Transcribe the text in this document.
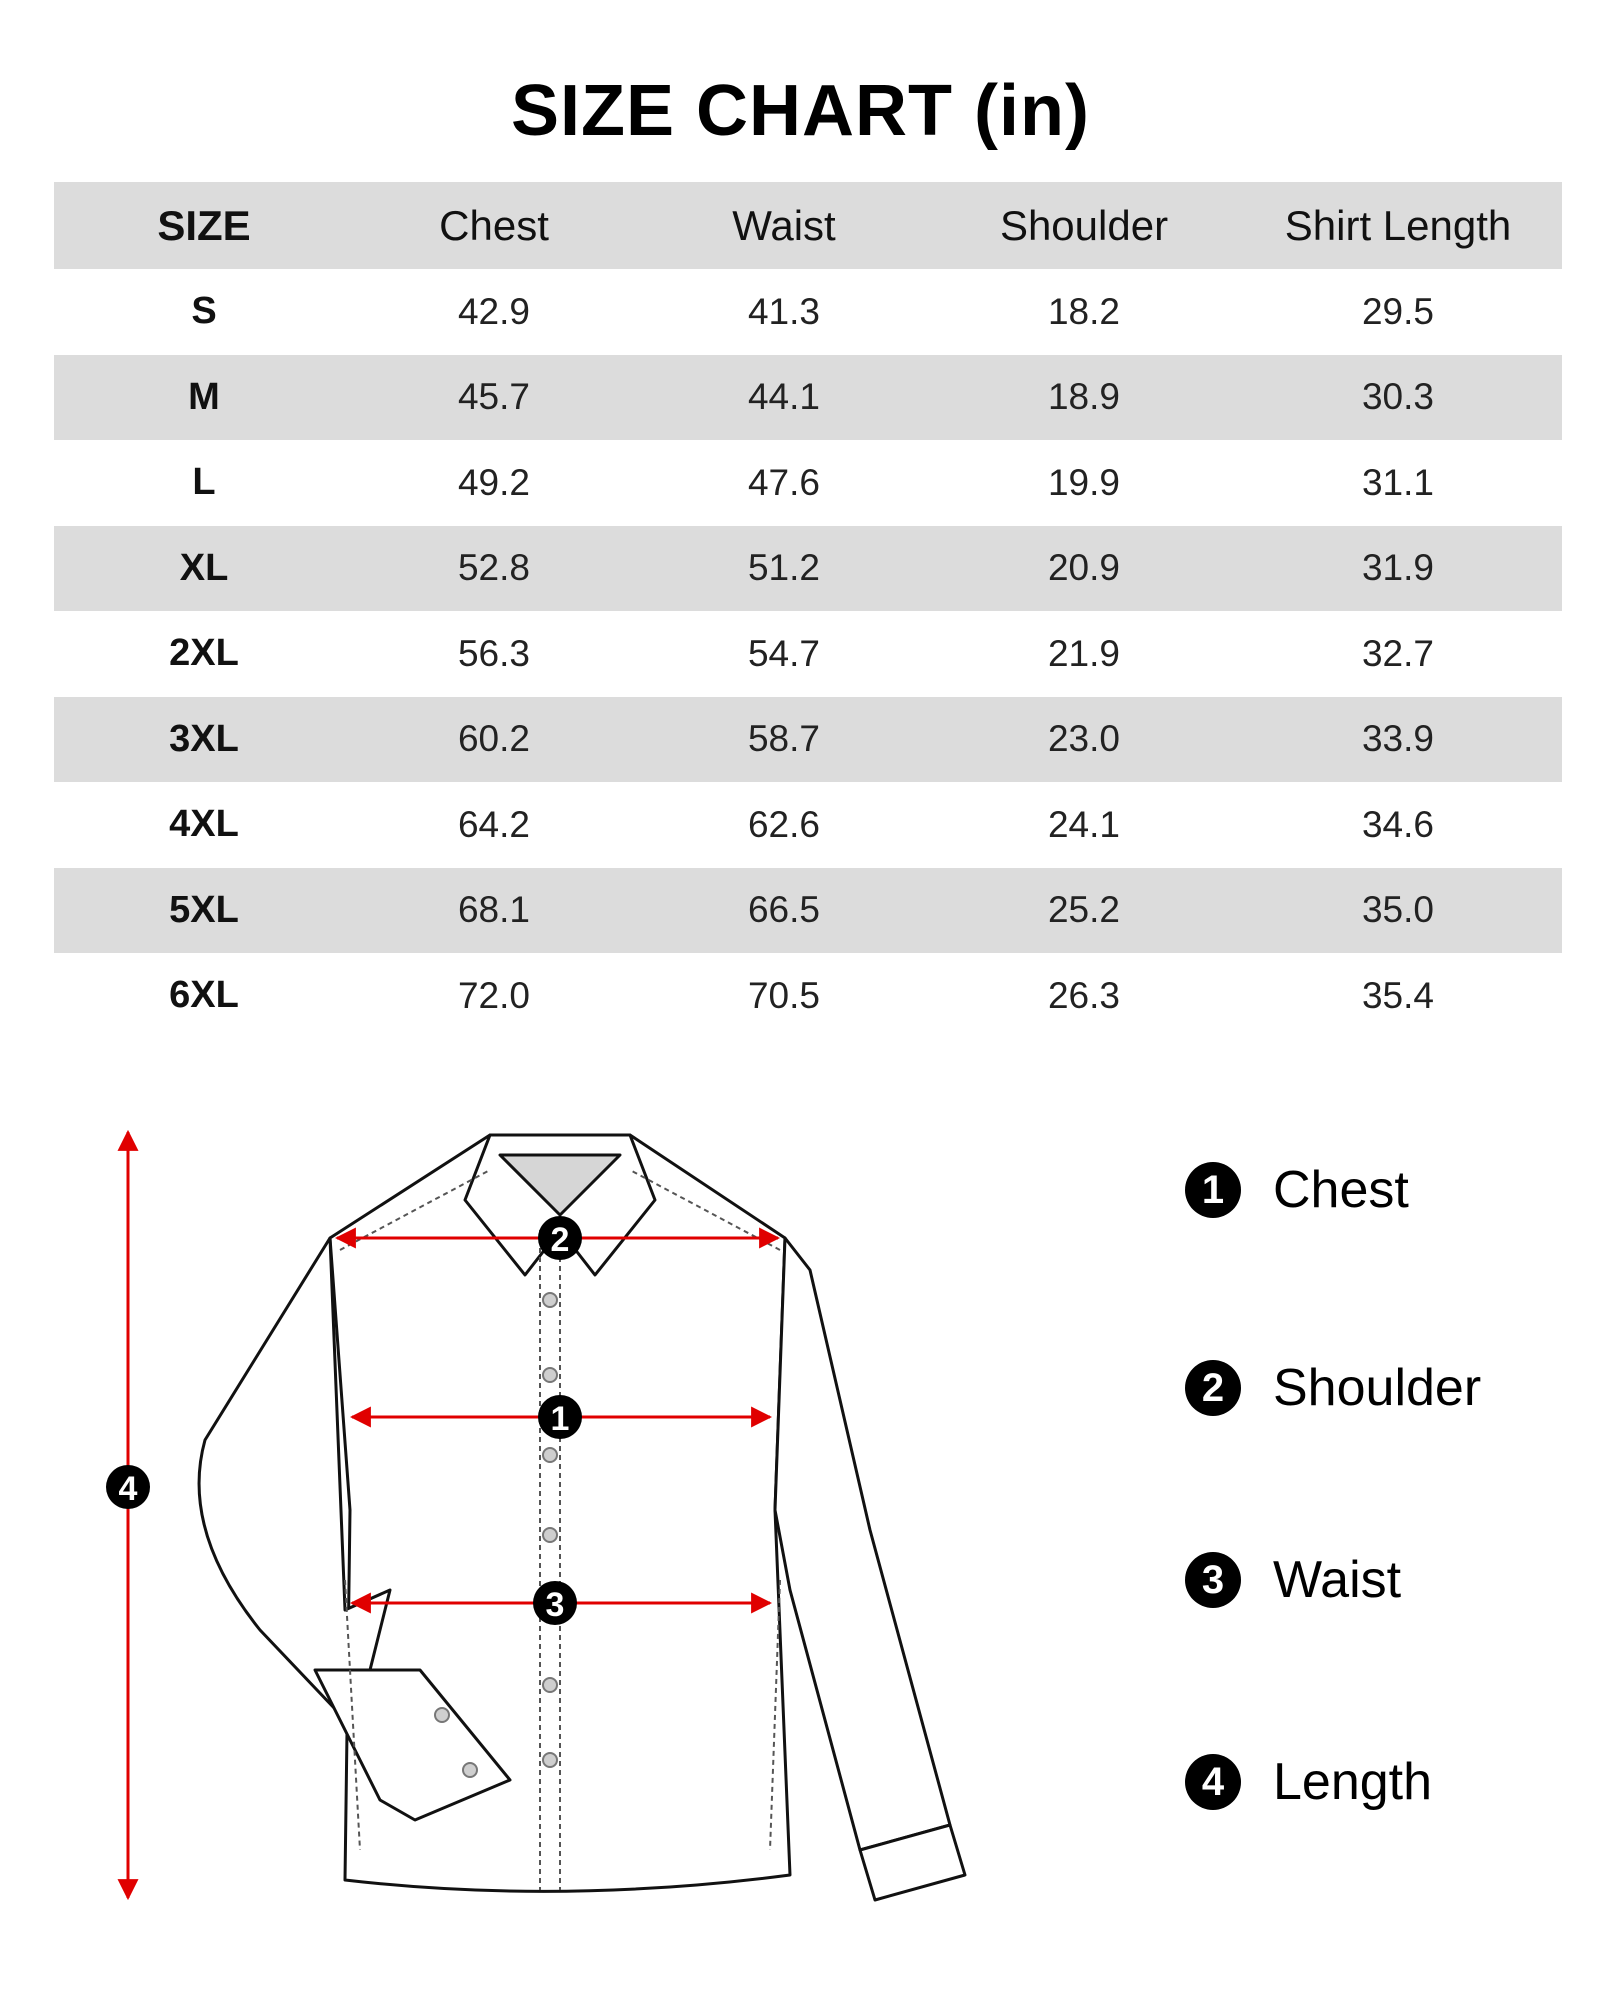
SIZE CHART (in)
SIZE	Chest	Waist	Shoulder	Shirt Length
S	42.9	41.3	18.2	29.5
M	45.7	44.1	18.9	30.3
L	49.2	47.6	19.9	31.1
XL	52.8	51.2	20.9	31.9
2XL	56.3	54.7	21.9	32.7
3XL	60.2	58.7	23.0	33.9
4XL	64.2	62.6	24.1	34.6
5XL	68.1	66.5	25.2	35.0
6XL	72.0	70.5	26.3	35.4
2
1
3
4
1 Chest
2 Shoulder
3 Waist
4 Length
